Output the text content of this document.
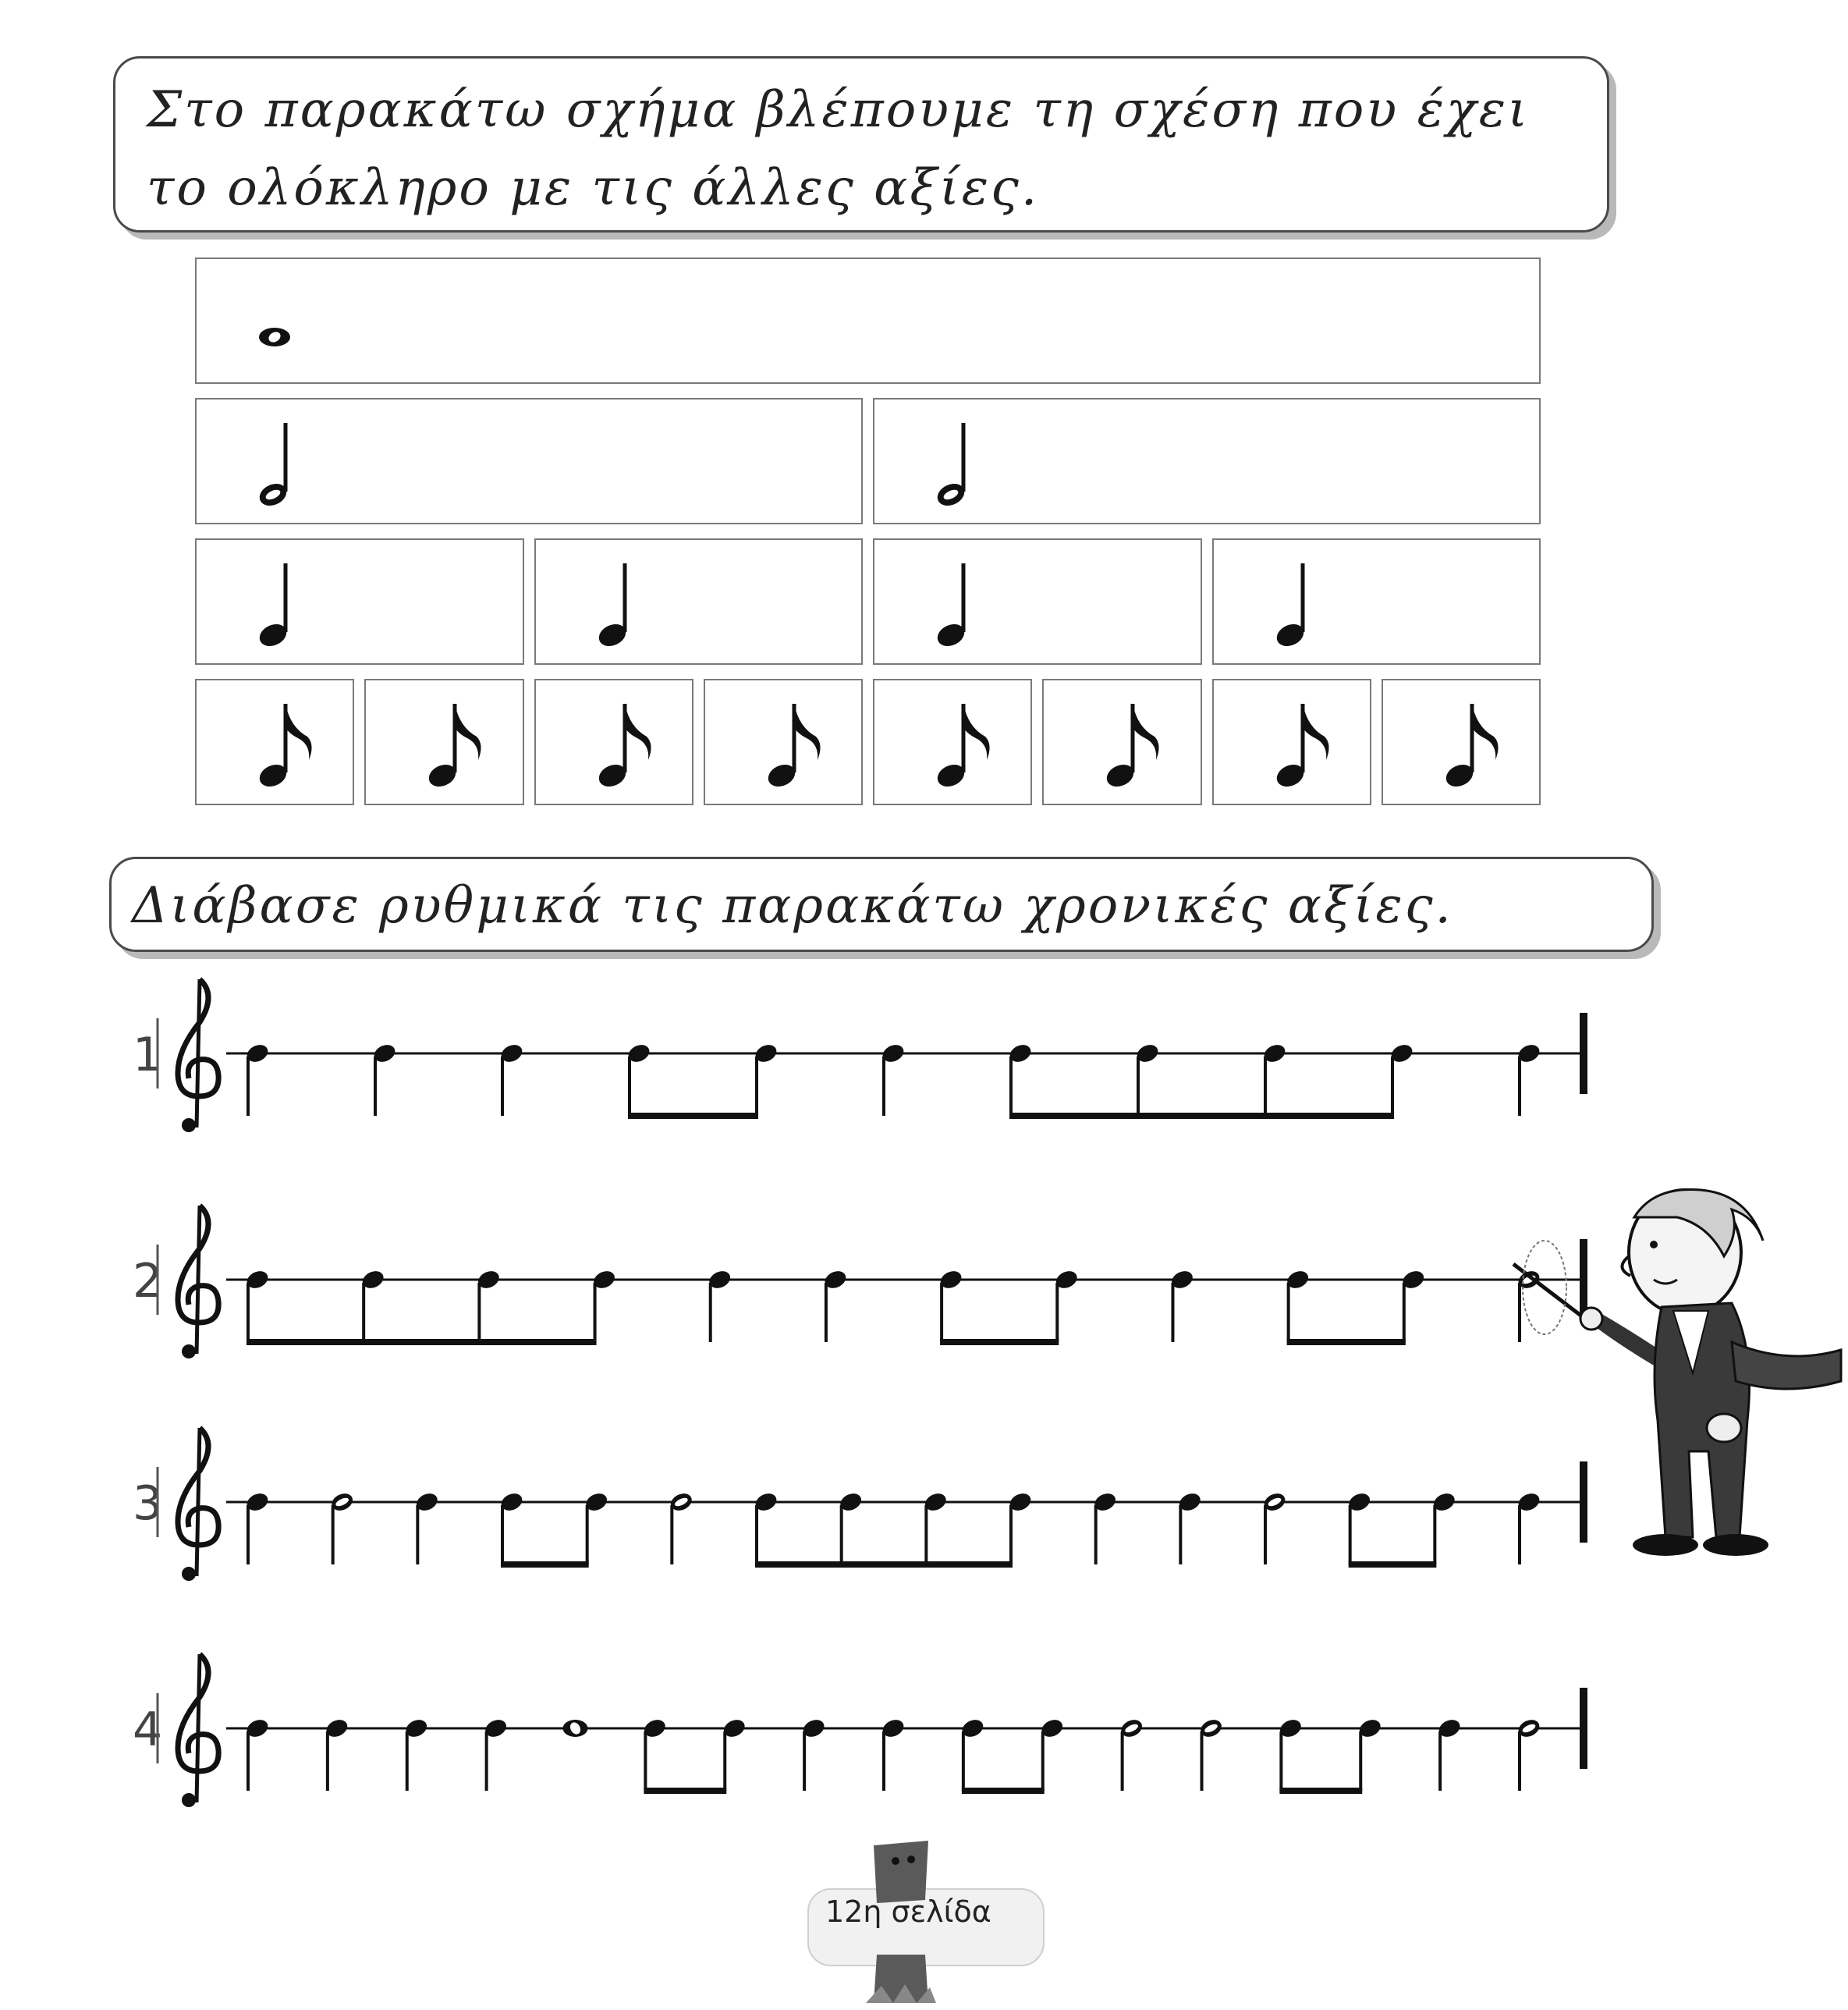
Στο παρακάτω σχήμα βλέπουμε τη σχέση που έχει το ολόκληρο με τις άλλες αξίες.
Διάβασε ρυθμικά τις παρακάτω χρονικές αξίες.
1
2
3
4
12η σελίδα
